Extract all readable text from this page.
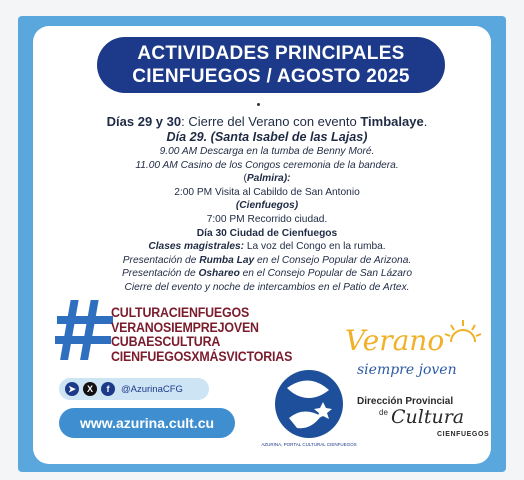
ACTIVIDADES PRINCIPALES
CIENFUEGOS / AGOSTO 2025
Días 29 y 30: Cierre del Verano con evento Timbalaye.
Día 29. (Santa Isabel de las Lajas)
9.00 AM Descarga en la tumba de Benny Moré.
11.00 AM Casino de los Congos ceremonia de la bandera.
(Palmira):
2:00 PM Visita al Cabildo de San Antonio
(Cienfuegos)
7:00 PM Recorrido ciudad.
Día 30 Ciudad de Cienfuegos
Clases magistrales: La voz del Congo en la rumba.
Presentación de Rumba Lay en el Consejo Popular de Arizona.
Presentación de Oshareo en el Consejo Popular de San Lázaro
Cierre del evento y noche de intercambios en el Patio de Artex.
CULTURACIENFUEGOS
VERANOSIEMPREJOVEN
CUBAESCULTURA
CIENFUEGOSXMÁSVICTORIAS
➤	X	f	@AzurinaCFG
www.azurina.cult.cu
AZURINA, PORTAL CULTURAL CIENFUEGOS
Verano
siempre joven
Dirección Provincial
de Cultura
CIENFUEGOS
